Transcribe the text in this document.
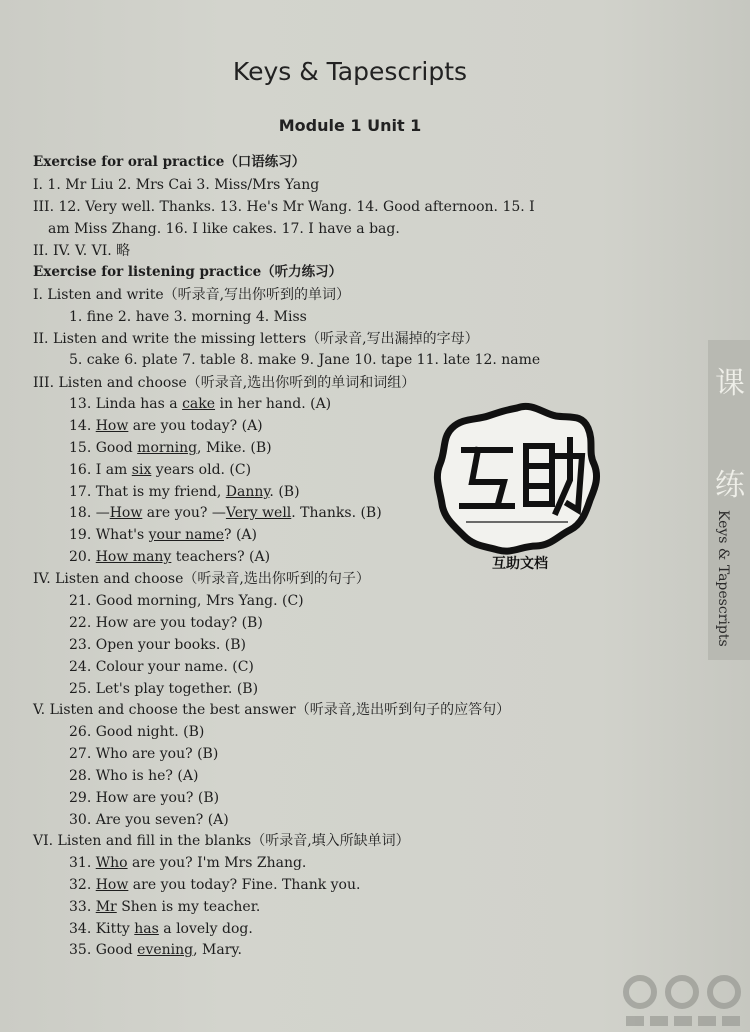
Keys & Tapescripts
Module 1 Unit 1
Exercise for oral practice（口语练习）
I. 1. Mr Liu 2. Mrs Cai 3. Miss/Mrs Yang
III. 12. Very well. Thanks. 13. He's Mr Wang. 14. Good afternoon. 15. I
am Miss Zhang. 16. I like cakes. 17. I have a bag.
II. IV. V. VI. 略
Exercise for listening practice（听力练习）
I. Listen and write（听录音,写出你听到的单词）
1. fine 2. have 3. morning 4. Miss
II. Listen and write the missing letters（听录音,写出漏掉的字母）
5. cake 6. plate 7. table 8. make 9. Jane 10. tape 11. late 12. name
III. Listen and choose（听录音,选出你听到的单词和词组）
13. Linda has a cake in her hand. (A)
14. How are you today? (A)
15. Good morning, Mike. (B)
16. I am six years old. (C)
17. That is my friend, Danny. (B)
18. —How are you? —Very well. Thanks. (B)
19. What's your name? (A)
20. How many teachers? (A)
IV. Listen and choose（听录音,选出你听到的句子）
21. Good morning, Mrs Yang. (C)
22. How are you today? (B)
23. Open your books. (B)
24. Colour your name. (C)
25. Let's play together. (B)
V. Listen and choose the best answer（听录音,选出听到句子的应答句）
26. Good night. (B)
27. Who are you? (B)
28. Who is he? (A)
29. How are you? (B)
30. Are you seven? (A)
VI. Listen and fill in the blanks（听录音,填入所缺单词）
31. Who are you? I'm Mrs Zhang.
32. How are you today? Fine. Thank you.
33. Mr Shen is my teacher.
34. Kitty has a lovely dog.
35. Good evening, Mary.
课
练
Keys & Tapescripts
互助文档
